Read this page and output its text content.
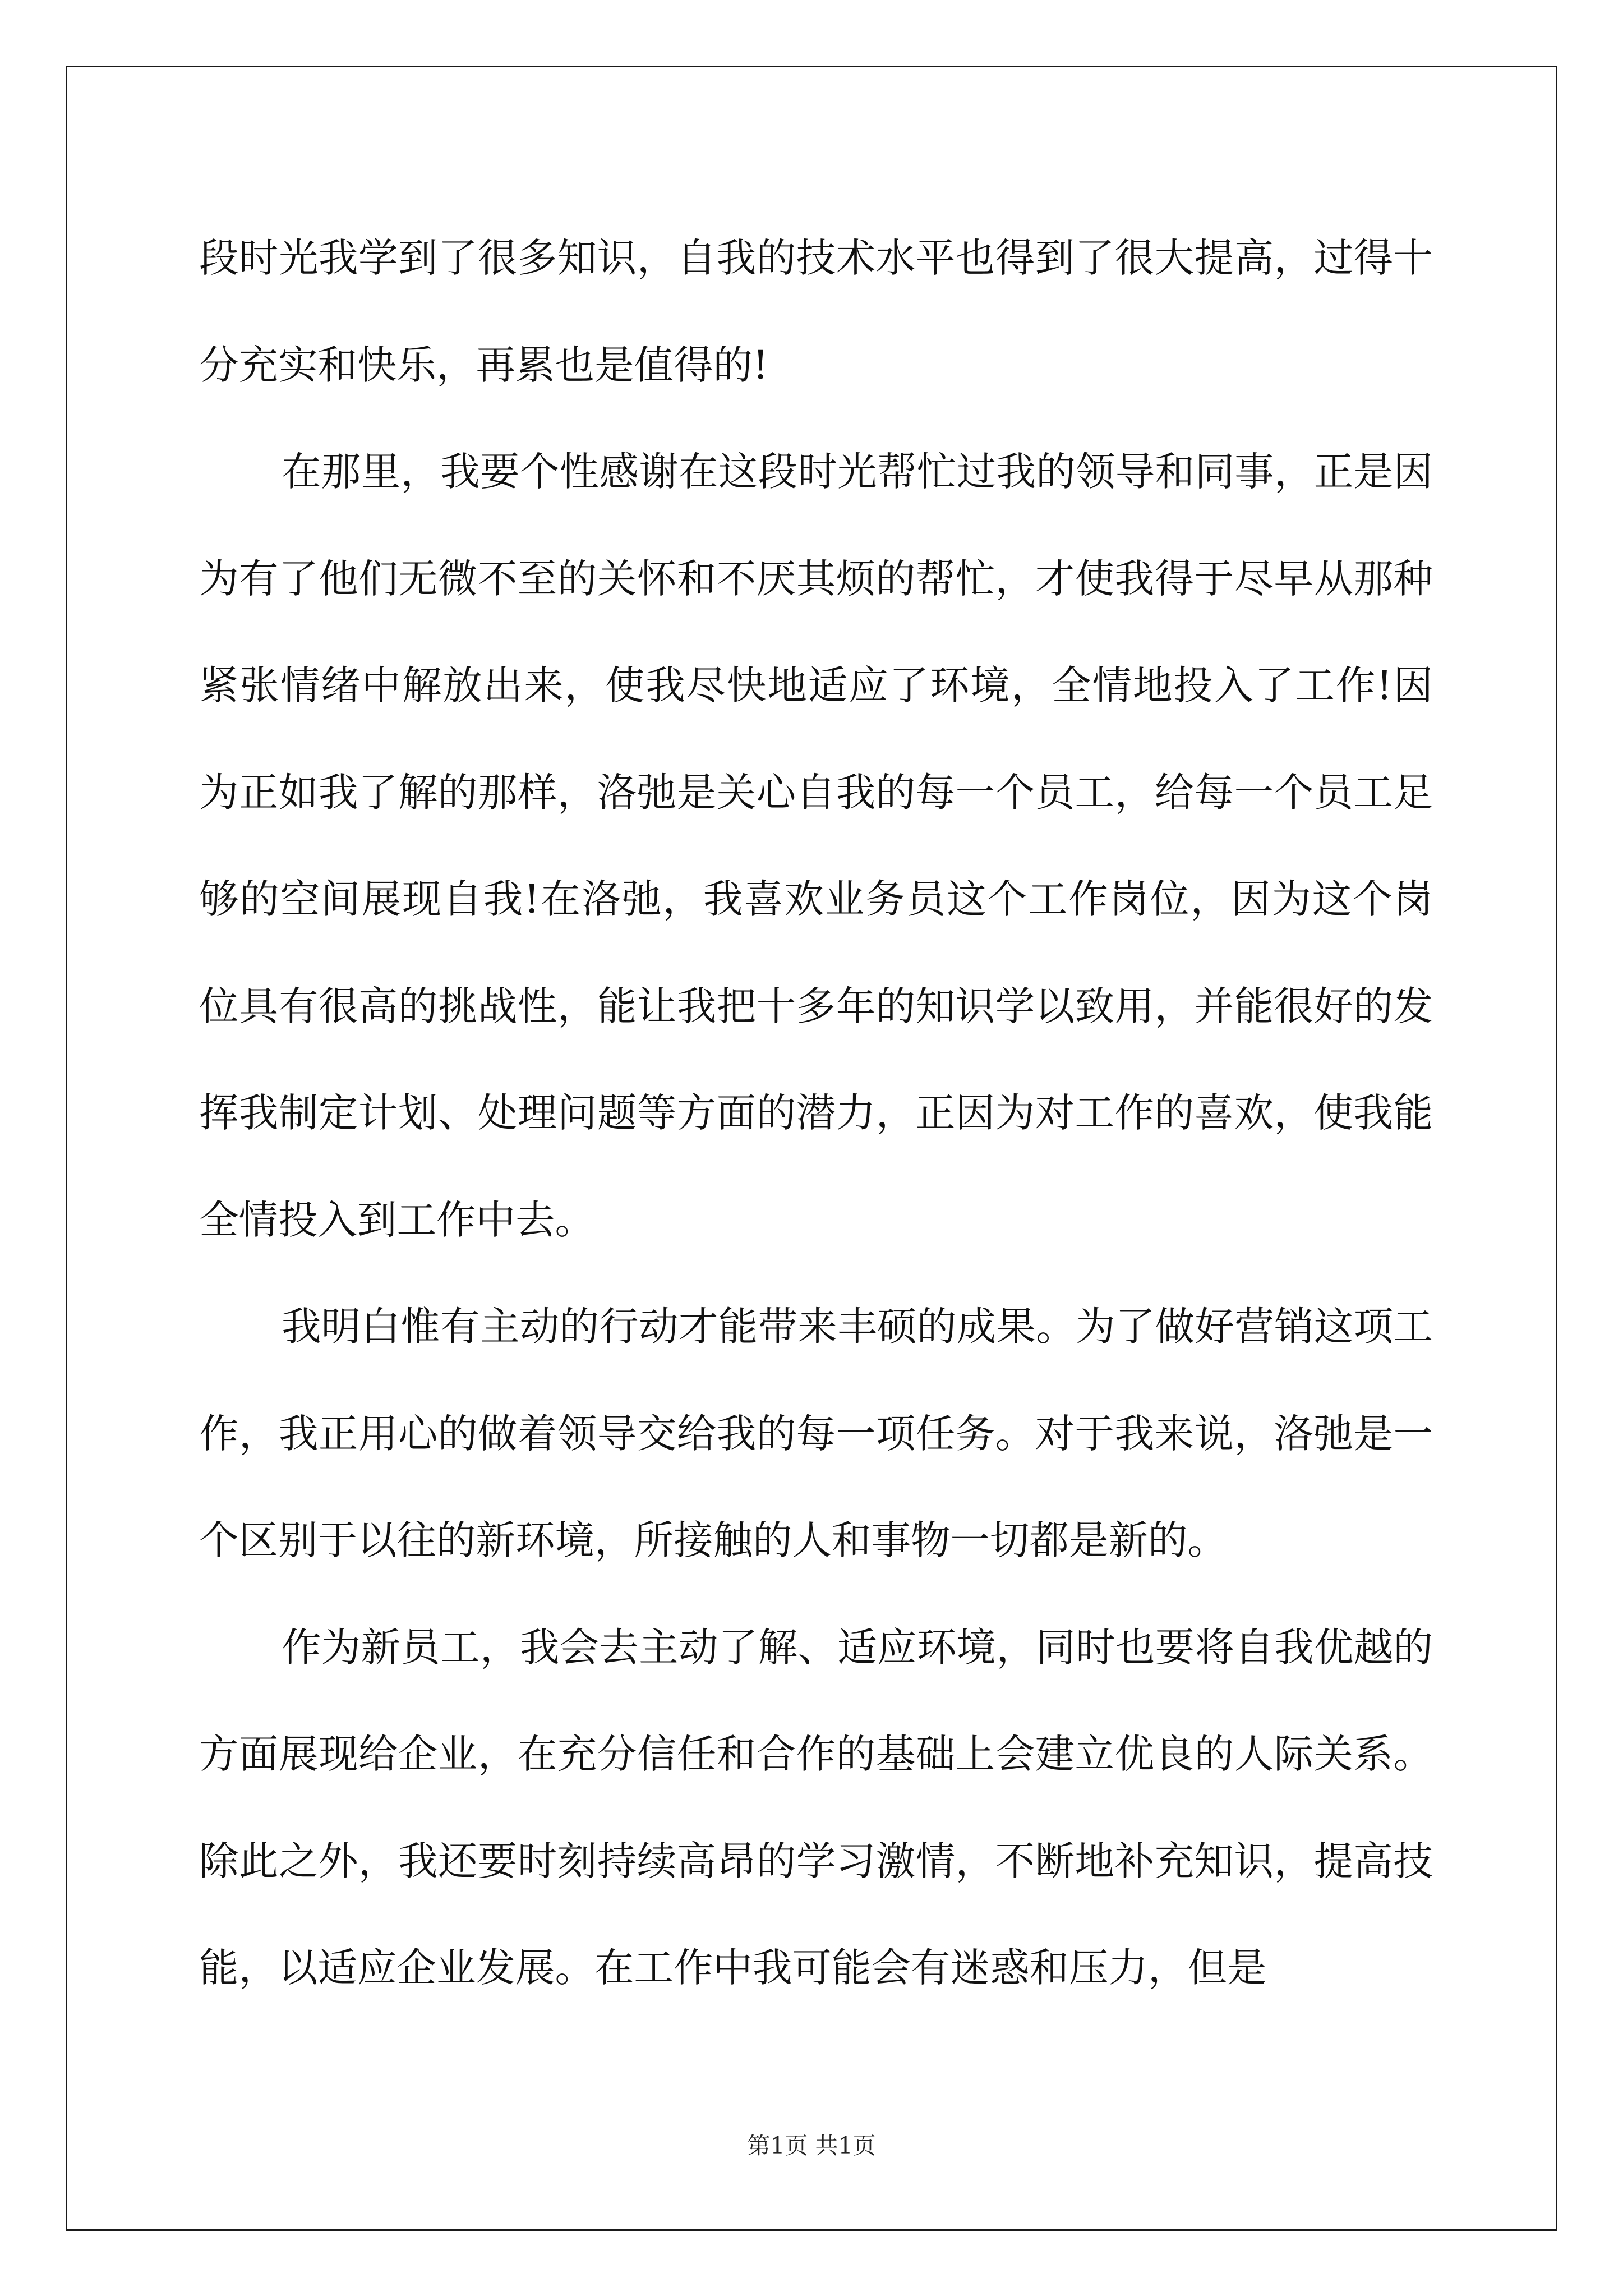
段时光我学到了很多知识，自我的技术水平也得到了很大提高，过得十分充实和快乐，再累也是值得的!

在那里，我要个性感谢在这段时光帮忙过我的领导和同事，正是因为有了他们无微不至的关怀和不厌其烦的帮忙，才使我得于尽早从那种紧张情绪中解放出来，使我尽快地适应了环境，全情地投入了工作!因为正如我了解的那样，洛弛是关心自我的每一个员工，给每一个员工足够的空间展现自我!在洛弛，我喜欢业务员这个工作岗位，因为这个岗位具有很高的挑战性，能让我把十多年的知识学以致用，并能很好的发挥我制定计划、处理问题等方面的潜力，正因为对工作的喜欢，使我能全情投入到工作中去。

我明白惟有主动的行动才能带来丰硕的成果。为了做好营销这项工作，我正用心的做着领导交给我的每一项任务。对于我来说，洛弛是一个区别于以往的新环境，所接触的人和事物一切都是新的。

作为新员工，我会去主动了解、适应环境，同时也要将自我优越的方面展现给企业，在充分信任和合作的基础上会建立优良的人际关系。除此之外，我还要时刻持续高昂的学习激情，不断地补充知识，提高技能，以适应企业发展。在工作中我可能会有迷惑和压力，但是

第1页 共1页
